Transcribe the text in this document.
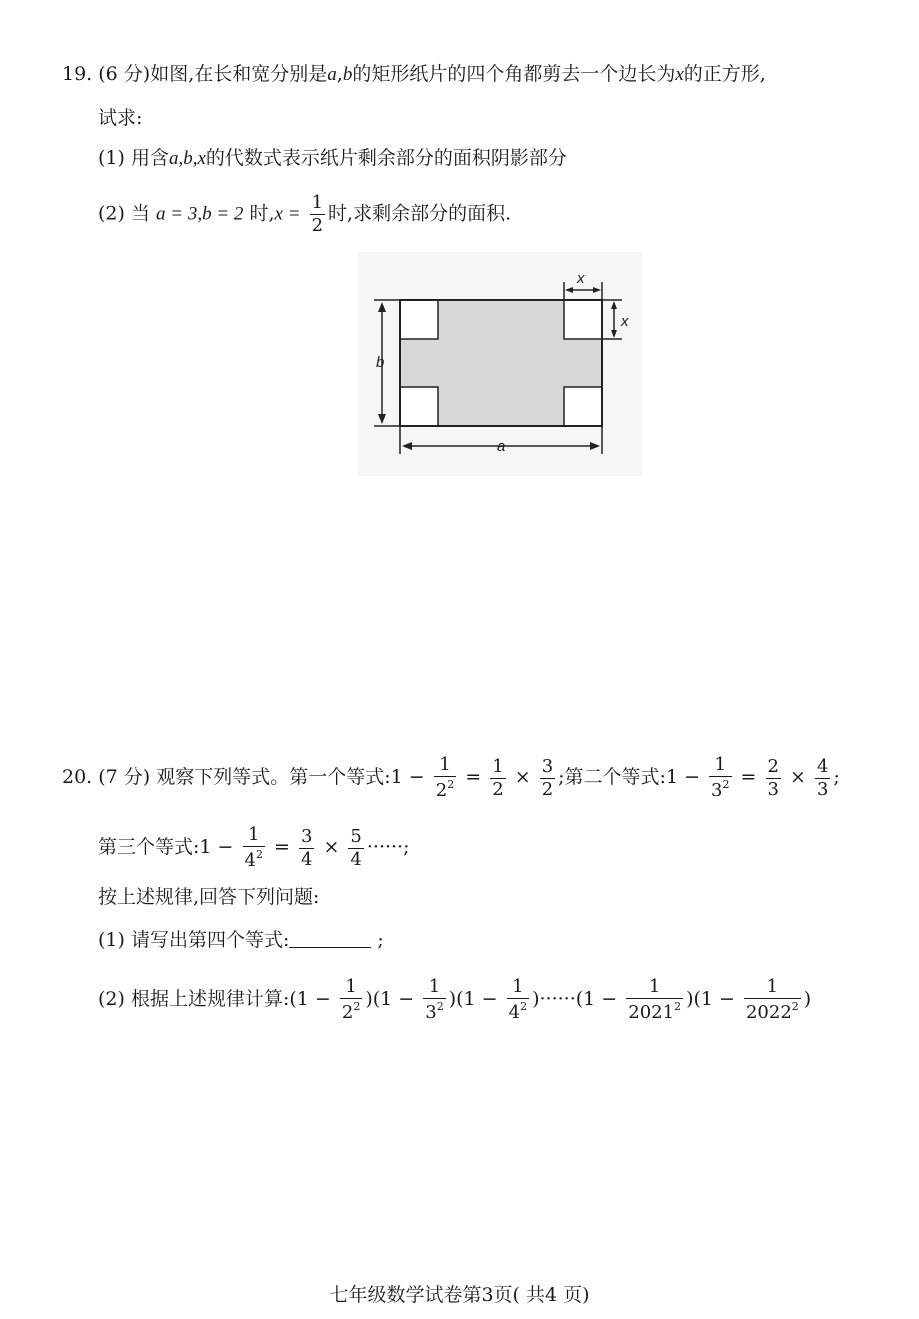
19. (6 分)如图,在长和宽分别是a,b的矩形纸片的四个角都剪去一个边长为x的正方形,
试求:
(1) 用含a,b,x的代数式表示纸片剩余部分的面积阴影部分
(2) 当 a = 3,b = 2 时$,x = \frac{1}{2}$ 时,求剩余部分的面积.
b
a
x
x
20. (7 分) 观察下列等式。第一个等式:1 − $\frac{1}{2^2} = \frac{1}{2} \times \frac{3}{2}$ ;第二个等式:1 − $\frac{1}{3^2} = \frac{2}{3} \times \frac{4}{3}$ ;
第三个等式:1 − $\frac{1}{4^2} = \frac{3}{4} \times \frac{5}{4}$ ······;
按上述规律,回答下列问题:
(1) 请写出第四个等式:	;
(2) 根据上述规律计算:(1 − $\frac{1}{2^2} )(1 - \frac{1}{3^2} )(1 - \frac{1}{4^2} )\cdot\cdot\cdot\cdot\cdot\cdot(1 - \frac{1}{2021^2} )(1 - \frac{1}{2022^2}$ )
七年级数学试卷第3页( 共4 页)
